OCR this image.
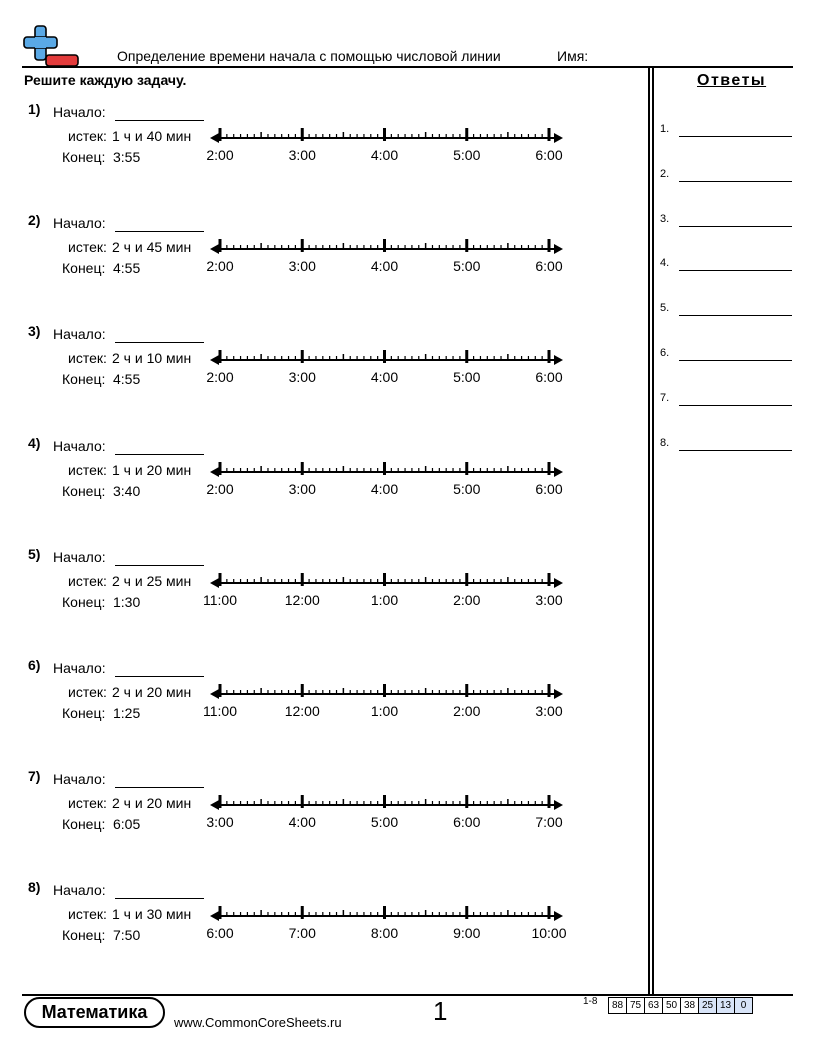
Определение времени начала с помощью числовой линии	Имя:
Решите каждую задачу.	Ответы
1.
2.
3.
4.
5.
6.
7.
8.
1) Начало:
истек: 1 ч и 40 мин
Конец: 3:55	2:00	3:00	4:00	5:00	6:00
2) Начало:
истек: 2 ч и 45 мин
Конец: 4:55	2:00	3:00	4:00	5:00	6:00
3) Начало:
истек: 2 ч и 10 мин
Конец: 4:55	2:00	3:00	4:00	5:00	6:00
4) Начало:
истек: 1 ч и 20 мин
Конец: 3:40	2:00	3:00	4:00	5:00	6:00
5) Начало:
истек: 2 ч и 25 мин
Конец: 1:30	11:00	12:00	1:00	2:00	3:00
6) Начало:
истек: 2 ч и 20 мин
Конец: 1:25	11:00	12:00	1:00	2:00	3:00
7) Начало:
истек: 2 ч и 20 мин
Конец: 6:05	3:00	4:00	5:00	6:00	7:00
8) Начало:
истек: 1 ч и 30 мин
Конец: 7:50	6:00	7:00	8:00	9:00	10:00
Математика
www.CommonCoreSheets.ru	1	1-8 88	75	63	50	38	25	13	0
